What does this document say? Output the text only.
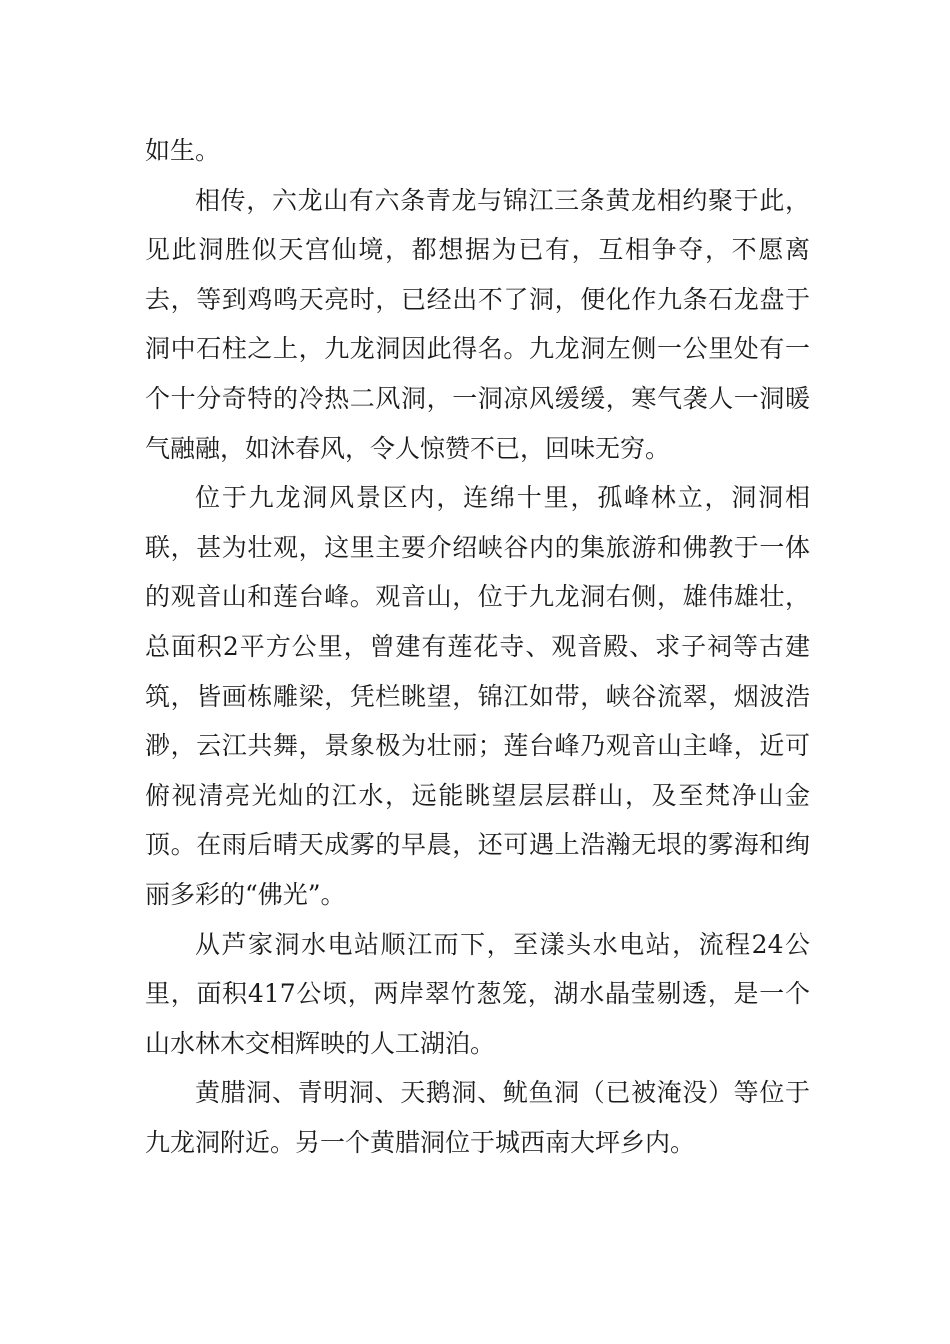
如生。

相传，六龙山有六条青龙与锦江三条黄龙相约聚于此，见此洞胜似天宫仙境，都想据为已有，互相争夺，不愿离去，等到鸡鸣天亮时，已经出不了洞，便化作九条石龙盘于洞中石柱之上，九龙洞因此得名。九龙洞左侧一公里处有一个十分奇特的冷热二风洞，一洞凉风缓缓，寒气袭人一洞暖气融融，如沐春风，令人惊赞不已，回味无穷。

位于九龙洞风景区内，连绵十里，孤峰林立，洞洞相联，甚为壮观，这里主要介绍峡谷内的集旅游和佛教于一体的观音山和莲台峰。观音山，位于九龙洞右侧，雄伟雄壮，总面积2平方公里，曾建有莲花寺、观音殿、求子祠等古建筑，皆画栋雕梁，凭栏眺望，锦江如带，峡谷流翠，烟波浩渺，云江共舞，景象极为壮丽；莲台峰乃观音山主峰，近可俯视清亮光灿的江水，远能眺望层层群山，及至梵净山金顶。在雨后晴天成雾的早晨，还可遇上浩瀚无垠的雾海和绚丽多彩的“佛光”。

从芦家洞水电站顺江而下，至漾头水电站，流程24公里，面积417公顷，两岸翠竹葱笼，湖水晶莹剔透，是一个山水林木交相辉映的人工湖泊。

黄腊洞、青明洞、天鹅洞、鱿鱼洞（已被淹没）等位于九龙洞附近。另一个黄腊洞位于城西南大坪乡内。
